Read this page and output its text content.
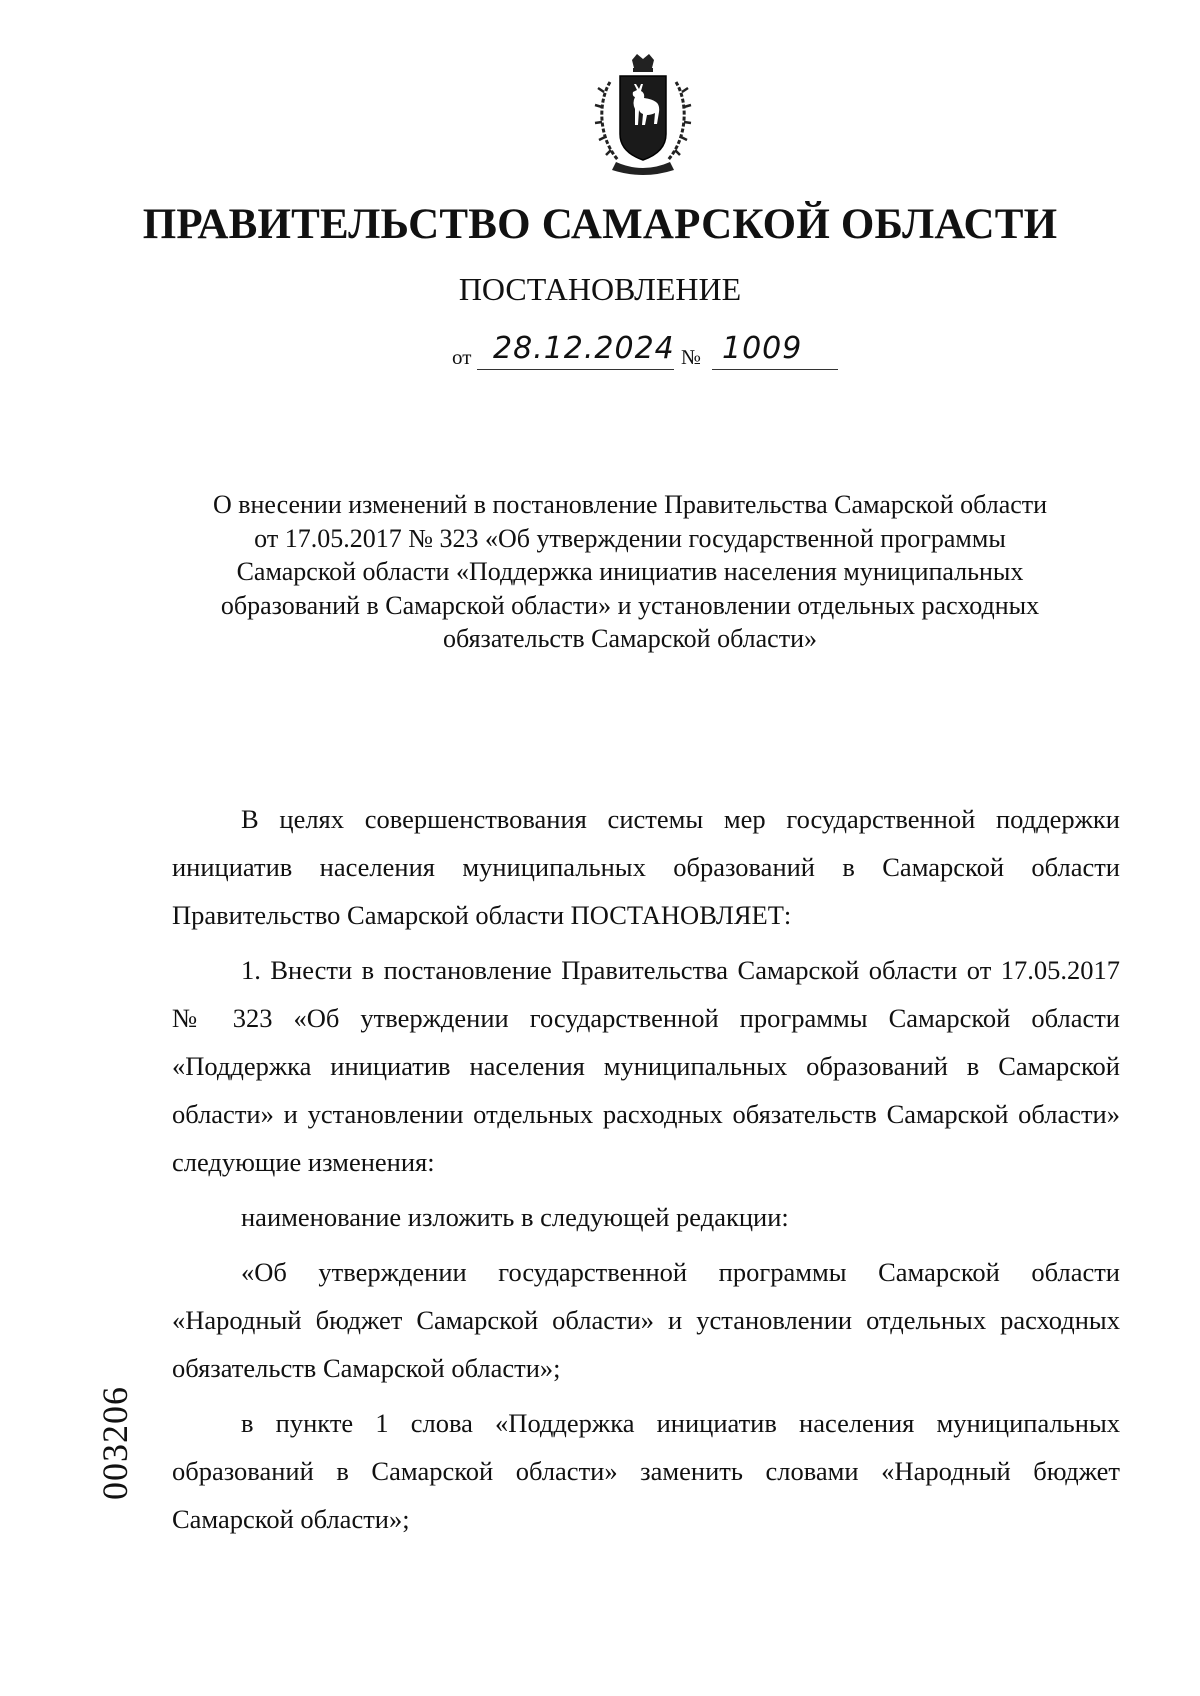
ПРАВИТЕЛЬСТВО САМАРСКОЙ ОБЛАСТИ
ПОСТАНОВЛЕНИЕ
от 28.12.2024 № 1009
О внесении изменений в постановление Правительства Самарской области
от 17.05.2017 № 323 «Об утверждении государственной программы
Самарской области «Поддержка инициатив населения муниципальных
образований в Самарской области» и установлении отдельных расходных
обязательств Самарской области»

В целях совершенствования системы мер государственной поддержки инициатив населения муниципальных образований в Самарской области Правительство Самарской области ПОСТАНОВЛЯЕТ:

1. Внести в постановление Правительства Самарской области от 17.05.2017 № 323 «Об утверждении государственной программы Самарской области «Поддержка инициатив населения муниципальных образований в Самарской области» и установлении отдельных расходных обязательств Самарской области» следующие изменения:

наименование изложить в следующей редакции:

«Об утверждении государственной программы Самарской области «Народный бюджет Самарской области» и установлении отдельных расходных обязательств Самарской области»;

в пункте 1 слова «Поддержка инициатив населения муниципальных образований в Самарской области» заменить словами «Народный бюджет Самарской области»;

003206
